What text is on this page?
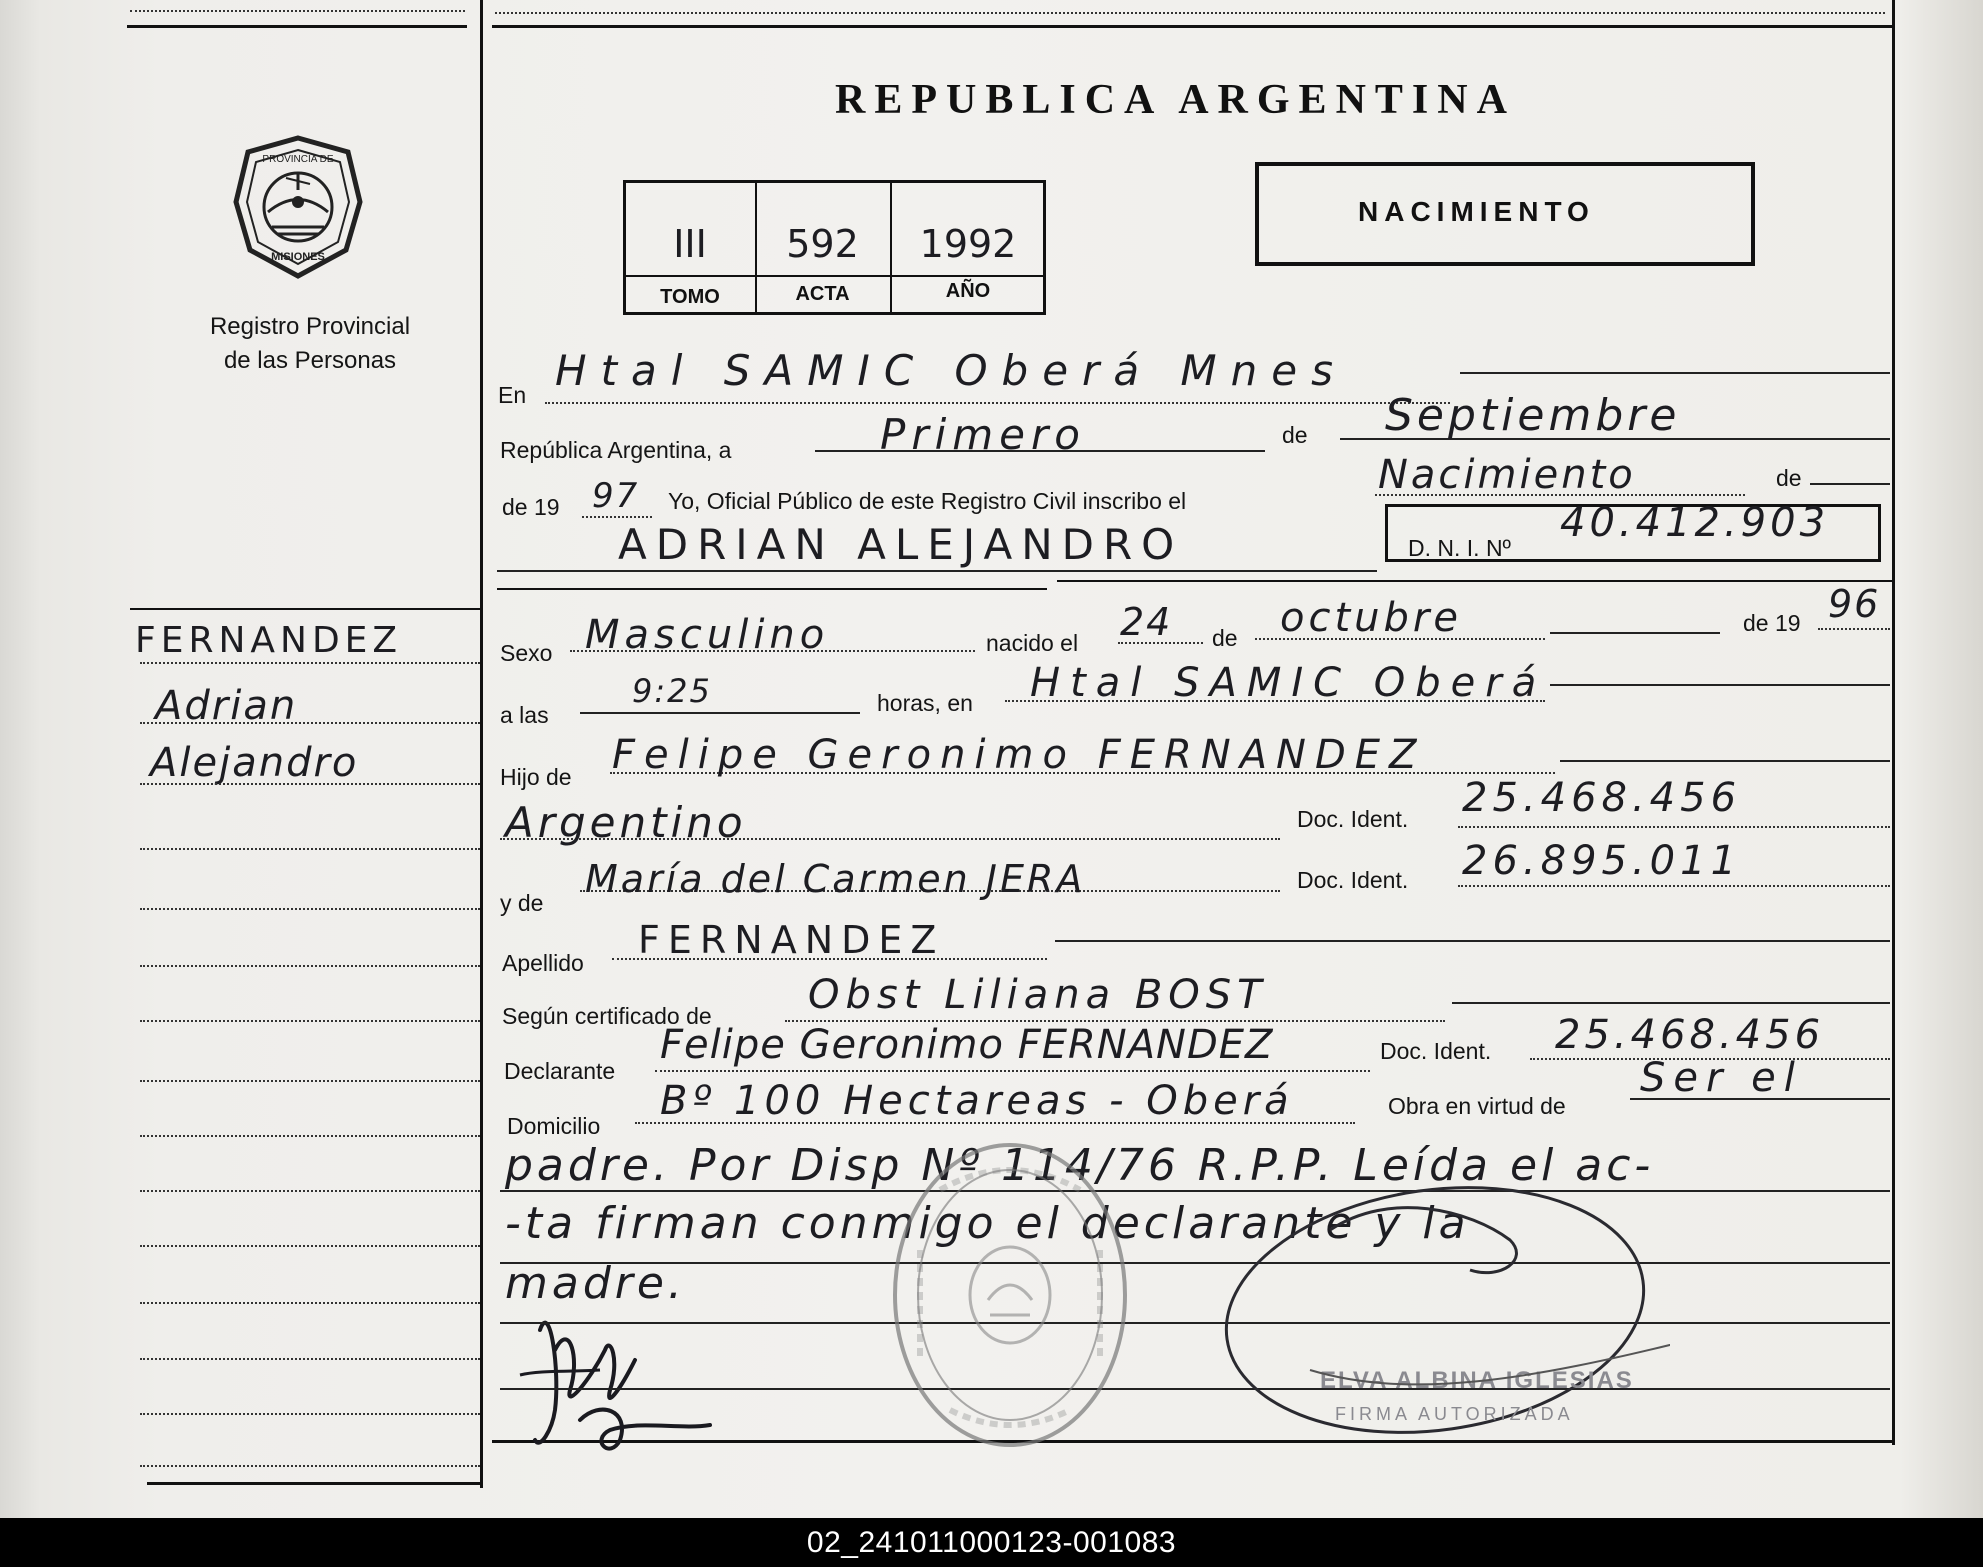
REPUBLICA ARGENTINA
NACIMIENTO
III	592	1992
TOMO	ACTA	AÑO
PROVINCIA DE
MISIONES
Registro Provincial
de las Personas
FERNANDEZ
Adrian
Alejandro
En Htal SAMIC Oberá Mnes
República Argentina, a
de
Primero	Septiembre
de 19 97 Yo, Oficial Público de este Registro Civil inscribo el
Nacimiento	de
ADRIAN ALEJANDRO	D. N. I. Nº
40.412.903
Sexo Masculino	nacido el 24 de octubre	de 19 96
a las
9:25	horas, en Htal SAMIC Oberá
Hijo de Felipe Geronimo FERNANDEZ
Argentino	Doc. Ident. 25.468.456
y de
María del Carmen JERA	Doc. Ident. 26.895.011
Apellido
FERNANDEZ
Según certificado de Obst Liliana BOST
Declarante
Felipe Geronimo FERNANDEZ	Doc. Ident. 25.468.456
Domicilio
Bº 100 Hectareas - Oberá	Obra en virtud de
Ser el
padre. Por Disp Nº 114/76 R.P.P. Leída el ac-
-ta firman conmigo el declarante y la
madre.
ELVA ALBINA IGLESIAS
FIRMA AUTORIZADA
02_241011000123-001083
